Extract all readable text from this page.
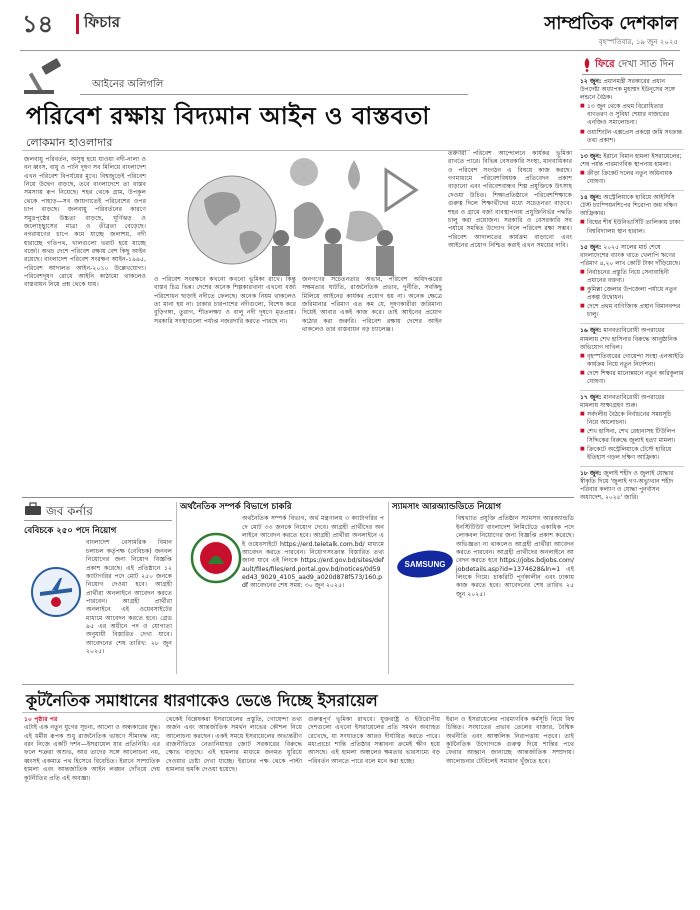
১৪ ফিচার	সাম্প্রতিক দেশকাল
বৃহস্পতিবার, ১৯ জুন ২০২৫
আইনের অলিগলি
পরিবেশ রক্ষায় বিদ্যমান আইন ও বাস্তবতা
লোকমান হাওলাদার
জলবায়ু পরিবর্তন, অসুস্থ হয়ে যাওয়া নদী-নালা ও বন ধ্বংস, বায়ু ও পানি দূষণ সব মিলিয়ে বাংলাদেশ এখন পরিবেশ বিপর্যয়ের মুখে। বিশ্বজুড়েই পরিবেশ নিয়ে উদ্বেগ বাড়ছে, তবে বাংলাদেশে তা বাস্তব সমস্যায় রূপ নিয়েছে। শহর থেকে গ্রাম, উপকূল থেকে পাহাড়—সব জায়গাতেই পরিবেশের ওপর চাপ বাড়ছে। জলবায়ু পরিবর্তনের কারণে সমুদ্রপৃষ্ঠের উচ্চতা বাড়ছে, ঘূর্ণিঝড় ও জলোচ্ছ্বাসের মাত্রা ও তীব্রতা বেড়েছে। নগরায়ণের চাপে কমে যাচ্ছে জলাশয়, নদী হারাচ্ছে গতিপথ, খালগুলো ভরাট হয়ে যাচ্ছে বর্জ্যে। অথচ দেশে পরিবেশ রক্ষায় বেশ কিছু আইন রয়েছে। বাংলাদেশ পরিবেশ সংরক্ষণ আইন-১৯৯৫, পরিবেশ আদালত আইন-২০১০ উল্লেখযোগ্য। পরিবেশদূষণ রোধে আইনি কাঠামো থাকলেও বাস্তবায়ন নিয়ে প্রশ্ন থেকে যায়।
ও পরিবেশ সংরক্ষণে কখনো কখনো ভূমিকা রাখে। কিন্তু বাস্তব চিত্র ভিন্ন। দেশের অনেক শিল্পকারখানা এখনো বর্জ্য পরিশোধন ছাড়াই নদীতে ফেলছে। অনেক নিয়ম থাকলেও তা মানা হয় না। ঢাকার চারপাশের নদীগুলো, বিশেষ করে বুড়িগঙ্গা, তুরাগ, শীতলক্ষ্যা ও বালু নদী দূষণে মৃতপ্রায়। সরকারি সংস্থাগুলো পর্যাপ্ত নজরদারি করতে পারছে না।
জনগণের সচেতনতার অভাব, পরিবেশ অধিদপ্তরের সক্ষমতার ঘাটতি, রাজনৈতিক প্রভাব, দুর্নীতি, সবকিছু মিলিয়ে আইনের কার্যকর প্রয়োগ হয় না। অনেক ক্ষেত্রে জরিমানার পরিমাণ এত কম যে, দূষণকারীরা জরিমানা দিয়েই আবার একই কাজ করে। তাই আইনের প্রয়োগ কঠোর করা জরুরি। পরিবেশ রক্ষায় দেশের আইন থাকলেও তার বাস্তবায়ন বড় চ্যালেঞ্জ।
তরুণরা পরিবেশ আন্দোলনে কার্যকর ভূমিকা রাখতে পারে। বিভিন্ন বেসরকারি সংস্থা, মানবাধিকার ও পরিবেশ সংগঠন এ বিষয়ে কাজ করছে। গণমাধ্যমে পরিবেশবিষয়ক প্রতিবেদন প্রকাশ বাড়ানো এবং পরিবেশবান্ধব শিল্প প্রযুক্তিকে উৎসাহ দেওয়া উচিত। শিক্ষাপ্রতিষ্ঠানে পরিবেশশিক্ষাকে গুরুত্ব দিলে শিক্ষার্থীদের মধ্যে সচেতনতা বাড়বে। শহর ও গ্রামে বর্জ্য ব্যবস্থাপনায় প্রযুক্তিনির্ভর পদ্ধতি চালু করা প্রয়োজন। সরকারি ও বেসরকারি সব পর্যায়ে সমন্বিত উদ্যোগ নিলে পরিবেশ রক্ষা সম্ভব। পরিবেশ আদালতের কার্যক্রম বাড়ানো এবং আইনের প্রয়োগ নিশ্চিত করাই এখন সময়ের দাবি।
ফিরে দেখা সাত দিন
১২ জুন: প্রধানমন্ত্রী সরকারের প্রধান উপদেষ্টা অধ্যাপক মুহাম্মদ ইউনূসের সঙ্গে লন্ডনে বৈঠক।
■ ১৩ জুন থেকে প্রথম বিরোধিতার বাণতরণ ও সুবিধা শেয়ার বাজারের এনজিও সমালোচনা।
■ ওয়াশিংটন এক্সপ্রেস প্রকল্পে জমি সংক্রান্ত তথ্য প্রকাশ।
১৩ জুন: ইরানে বিমান হামলা ইসরায়েলের; শেষ পর্যন্ত পারমাণবিক স্থাপনায় হামলা।
■ ক্রীড়া ক্রিকেট দলের নতুন অধিনায়ক ঘোষণা।
১৪ জুন: অস্ট্রেলিয়াকে হারিয়ে আইসিসি টেস্ট চ্যাম্পিয়নশিপের শিরোপা জয় দক্ষিণ আফ্রিকার।
■ বিশ্বের শীর্ষ ইউনিভার্সিটি তালিকায় ঢাকা বিশ্ববিদ্যালয় স্থান হারাল।
১৫ জুন: ২০২৫ সালের মার্চ শেষে বাংলাদেশের ব্যাংক খাতে খেলাপি ঋণের পরিমাণ ৪,২০ লাখ কোটি টাকা দাঁড়িয়েছে।
■ নির্বাচনের প্রস্তুতি নিয়ে সেনাবাহিনী প্রধানের বক্তব্য।
■ কুমিল্লা জেলার উপজেলা পর্যায়ে নতুন প্রকল্প উদ্বোধন।
■ দেশে প্রথম বাণিজ্যিক প্রস্থান বিমানবন্দর চালু।
১৬ জুন: মানবতাবিরোধী অপরাধের মামলায় শেখ হাসিনার বিরুদ্ধে আনুষ্ঠানিক অভিযোগ দাখিল।
■ বৃহস্পতিবারের গোয়েন্দা সংস্থা এনআইডি কার্যক্রম নিয়ে নতুন নির্দেশনা।
■ দেশে শিক্ষার মানোন্নয়নে নতুন কারিকুলাম ঘোষণা।
১৭ জুন: মানবতাবিরোধী অপরাধের মামলায় সাক্ষ্যগ্রহণ শুরু।
■ সর্বদলীয় বৈঠকে নির্বাচনের সময়সূচি নিয়ে আলোচনা।
■ শেখ হাসিনা, শেখ রেহানাসহ টিউলিপ সিদ্দিকের বিরুদ্ধে জুলাই হত্যা মামলা।
■ ক্রিকেটে অস্ট্রেলিয়াকে টেস্টে হারিয়ে ইতিহাস গড়ল দক্ষিণ আফ্রিকা।
১৮ জুন: জুলাই শহীদ ও জুলাই যোদ্ধার স্বীকৃতি দিয়ে 'জুলাই গণ-অভ্যুত্থান শহীদ পরিবার কল্যাণ ও যোদ্ধা পুনর্বাসন অধ্যাদেশ, ২০২৫' জারি।
জব কর্নার
বেবিচকে ২৫০ পদে নিয়োগ
বাংলাদেশ বেসামরিক বিমান চলাচল কর্তৃপক্ষ (বেবিচক) জনবল নিয়োগের জন্য নিয়োগ বিজ্ঞপ্তি প্রকাশ করেছে। এই প্রতিষ্ঠানে ১২ ক্যাটাগরির পদে মোট ২৫০ জনকে নিয়োগ দেওয়া হবে। আগ্রহী প্রার্থীরা অনলাইনে আবেদন করতে পারবেন। আগ্রহী প্রার্থীরা অনলাইনে এই ওয়েবসাইটের মাধ্যমে আবেদন করতে হবে। গ্রেড ৯৫ এর অধীনে পদ ও যোগ্যতা অনুযায়ী বিস্তারিত দেখা যাবে। আবেদনের শেষ তারিখ: ২৮ জুন ২০২৫।
অর্থনৈতিক সম্পর্ক বিভাগে চাকরি
অর্থনৈতিক সম্পর্ক বিভাগ, অর্থ মন্ত্রণালয় ৩ ক্যাটাগরির পদে মোট ৩৩ জনকে নিয়োগ দেবে। আগ্রহী প্রার্থীদের অনলাইনে আবেদন করতে হবে। আগ্রহী প্রার্থীরা অনলাইনে এই ওয়েবসাইটে https://erd.teletalk.com.bd/ মাধ্যমে আবেদন করতে পারবেন। নিয়োগসংক্রান্ত বিস্তারিত তথ্য জানা যাবে এই লিংকে https://erd.gov.bd/sites/default/files/files/erd.portal.gov.bd/notices/0d59ed43_9029_4105_aad9_a020d878f573/160.pdf আবেদনের শেষ সময়: ৩০ জুন ২০২৫।
স্যামসাং আরঅ্যান্ডডিতে নিয়োগ
বিশ্বখ্যাত প্রযুক্তি প্রতিষ্ঠান স্যামসাং আরঅ্যান্ডডি ইনস্টিটিউট বাংলাদেশ লিমিটেডে একাধিক পদে লোকবল নিয়োগের জন্য বিজ্ঞপ্তি প্রকাশ করেছে। অভিজ্ঞতা না থাকলেও আগ্রহী প্রার্থীরা আবেদন করতে পারবেন। আগ্রহী প্রার্থীদের অনলাইনে আবেদন করতে হবে https://jobs.bdjobs.com/jobdetails.asp?id=1374628&ln=1 এই লিংকে গিয়ে। চাকরিটি পূর্ণকালীন এবং ঢাকায় কাজ করতে হবে। আবেদনের শেষ তারিখ ২৫ জুন ২০২৫।
SAMSUNG
কূটনৈতিক সমাধানের ধারণাকেও ভেঙে দিচ্ছে ইসরায়েল
১০ পৃষ্ঠার পর
এটাই এক নতুন যুগের সূচনা, আলো ও অন্ধকারের যুদ্ধ। এই ধর্মীয় রূপক শুধু রাজনৈতিক ভাষণে সীমাবদ্ধ নয়; বরং নিজে একটি দর্শন—ইসরায়েল যার প্রতিনিধি। এর ফলে শত্রুরা অশুভ, আর তাদের সঙ্গে আলোচনা নয়, ধ্বংসই একমাত্র পথ হিসেবে বিবেচিত। ইরানে সাম্প্রতিক হামলা এবং আন্তর্জাতিক আইন লঙ্ঘন দেখিয়ে দেয় কূটনীতির প্রতি এই অবজ্ঞা।
থেকেই বিশ্লেষকরা ইসরায়েলের প্রস্তুতি, গোয়েন্দা তথ্য অর্জন এবং আন্তর্জাতিক সমর্থন লাভের কৌশল নিয়ে আলোচনা করছেন। একই সময়ে ইসরায়েলের অভ্যন্তরীণ রাজনীতিতে নেতানিয়াহুর জোট সরকারের বিরুদ্ধে ক্ষোভ বাড়ছে। এই হামলার মাধ্যমে জনমত ঘুরিয়ে দেওয়ার চেষ্টা দেখা যাচ্ছে। ইরানের পক্ষ থেকে পাল্টা হামলার হুমকি দেওয়া হয়েছে।
গুরুত্বপূর্ণ ভূমিকা রাখবে। যুক্তরাষ্ট্র ও ইউরোপীয় দেশগুলো এখনো ইসরায়েলের প্রতি সমর্থন অব্যাহত রেখেছে, যা সংঘাতকে আরও দীর্ঘায়িত করতে পারে। মধ্যপ্রাচ্যে শান্তি প্রতিষ্ঠার সম্ভাবনা ক্রমেই ক্ষীণ হয়ে আসছে। এই হামলা অঞ্চলের ক্ষমতার ভারসাম্যে বড় পরিবর্তন আনতে পারে বলে মনে করা হচ্ছে।
ইরান ও ইসরায়েলের পারমাণবিক কর্মসূচি নিয়ে বিশ্ব চিন্তিত। সংঘাতের প্রভাব তেলের বাজার, বৈশ্বিক অর্থনীতি এবং আঞ্চলিক নিরাপত্তায় পড়বে। তাই কূটনৈতিক উদ্যোগকে গুরুত্ব দিয়ে শান্তির পথে ফেরার আহ্বান জানাচ্ছে আন্তর্জাতিক সম্প্রদায়। আলোচনার টেবিলেই সমাধান খুঁজতে হবে।
